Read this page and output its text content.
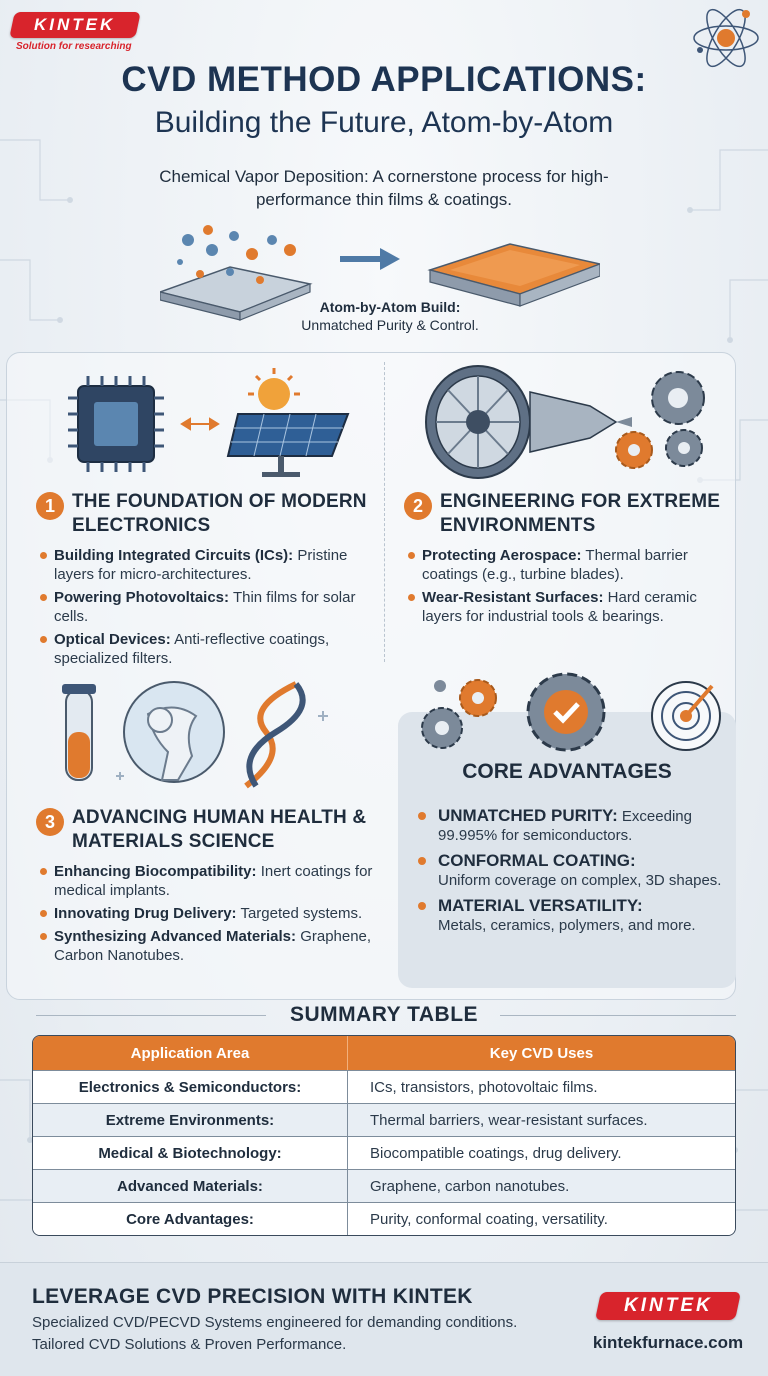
KINTEK
Solution for researching
CVD METHOD APPLICATIONS:
Building the Future, Atom-by-Atom
Chemical Vapor Deposition: A cornerstone process for high-performance thin films & coatings.
Atom-by-Atom Build:
Unmatched Purity & Control.
1 THE FOUNDATION OF MODERN ELECTRONICS
Building Integrated Circuits (ICs): Pristine layers for micro-architectures.
Powering Photovoltaics: Thin films for solar cells.
Optical Devices: Anti-reflective coatings, specialized filters.
2 ENGINEERING FOR EXTREME ENVIRONMENTS
Protecting Aerospace: Thermal barrier coatings (e.g., turbine blades).
Wear-Resistant Surfaces: Hard ceramic layers for industrial tools & bearings.
3 ADVANCING HUMAN HEALTH & MATERIALS SCIENCE
Enhancing Biocompatibility: Inert coatings for medical implants.
Innovating Drug Delivery: Targeted systems.
Synthesizing Advanced Materials: Graphene, Carbon Nanotubes.
CORE ADVANTAGES
UNMATCHED PURITY: Exceeding 99.995% for semiconductors.
CONFORMAL COATING:
Uniform coverage on complex, 3D shapes.
MATERIAL VERSATILITY:
Metals, ceramics, polymers, and more.
SUMMARY TABLE
Application Area	Key CVD Uses
Electronics & Semiconductors:	ICs, transistors, photovoltaic films.
Extreme Environments:	Thermal barriers, wear-resistant surfaces.
Medical & Biotechnology:	Biocompatible coatings, drug delivery.
Advanced Materials:	Graphene, carbon nanotubes.
Core Advantages:	Purity, conformal coating, versatility.
LEVERAGE CVD PRECISION WITH KINTEK
Specialized CVD/PECVD Systems engineered for demanding conditions.
Tailored CVD Solutions & Proven Performance.
KINTEK
kintekfurnace.com
